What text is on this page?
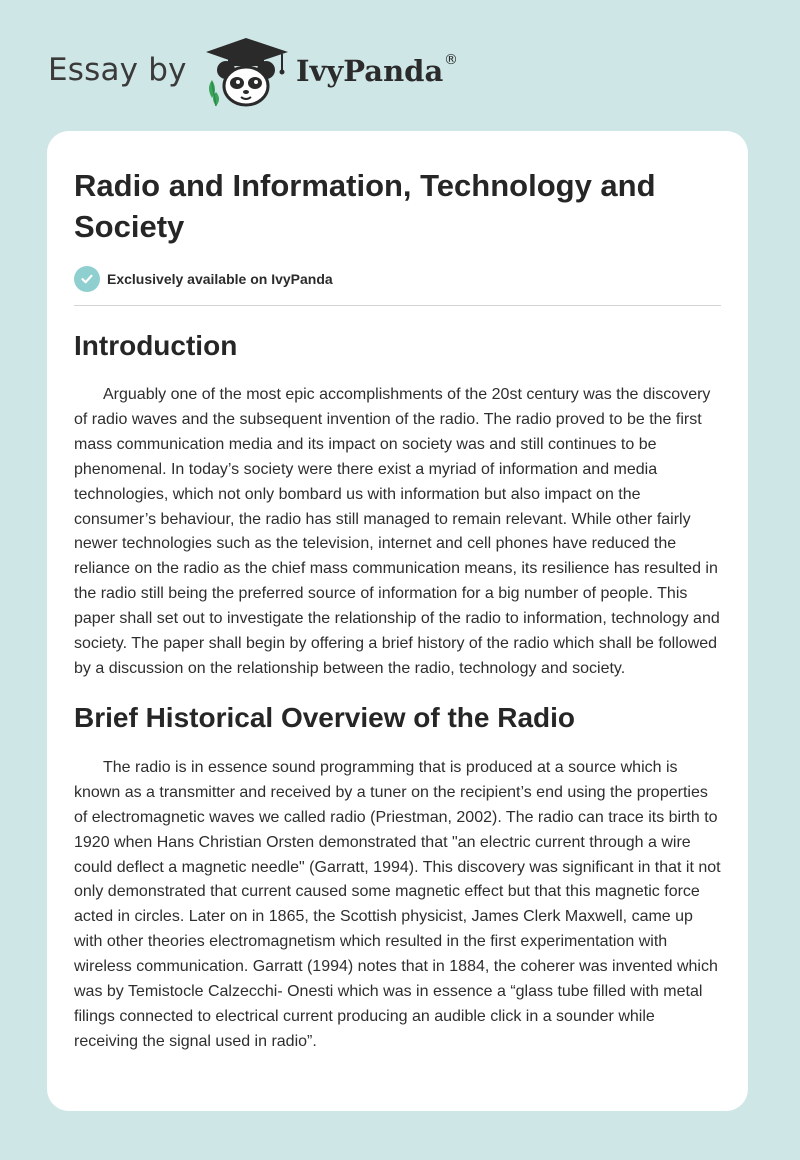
Essay by	IvyPanda ®
Radio and Information, Technology and Society
Exclusively available on IvyPanda
Introduction

Arguably one of the most epic accomplishments of the 20st century was the discovery of radio waves and the subsequent invention of the radio. The radio proved to be the first mass communication media and its impact on society was and still continues to be phenomenal. In today’s society were there exist a myriad of information and media technologies, which not only bombard us with information but also impact on the consumer’s behaviour, the radio has still managed to remain relevant. While other fairly newer technologies such as the television, internet and cell phones have reduced the reliance on the radio as the chief mass communication means, its resilience has resulted in the radio still being the preferred source of information for a big number of people. This paper shall set out to investigate the relationship of the radio to information, technology and society. The paper shall begin by offering a brief history of the radio which shall be followed by a discussion on the relationship between the radio, technology and society.

Brief Historical Overview of the Radio

The radio is in essence sound programming that is produced at a source which is known as a transmitter and received by a tuner on the recipient’s end using the properties of electromagnetic waves we called radio (Priestman, 2002). The radio can trace its birth to 1920 when Hans Christian Orsten demonstrated that "an electric current through a wire could deflect a magnetic needle" (Garratt, 1994). This discovery was significant in that it not only demonstrated that current caused some magnetic effect but that this magnetic force acted in circles. Later on in 1865, the Scottish physicist, James Clerk Maxwell, came up with other theories electromagnetism which resulted in the first experimentation with wireless communication. Garratt (1994) notes that in 1884, the coherer was invented which was by Temistocle Calzecchi- Onesti which was in essence a “glass tube filled with metal filings connected to electrical current producing an audible click in a sounder while receiving the signal used in radio”.
